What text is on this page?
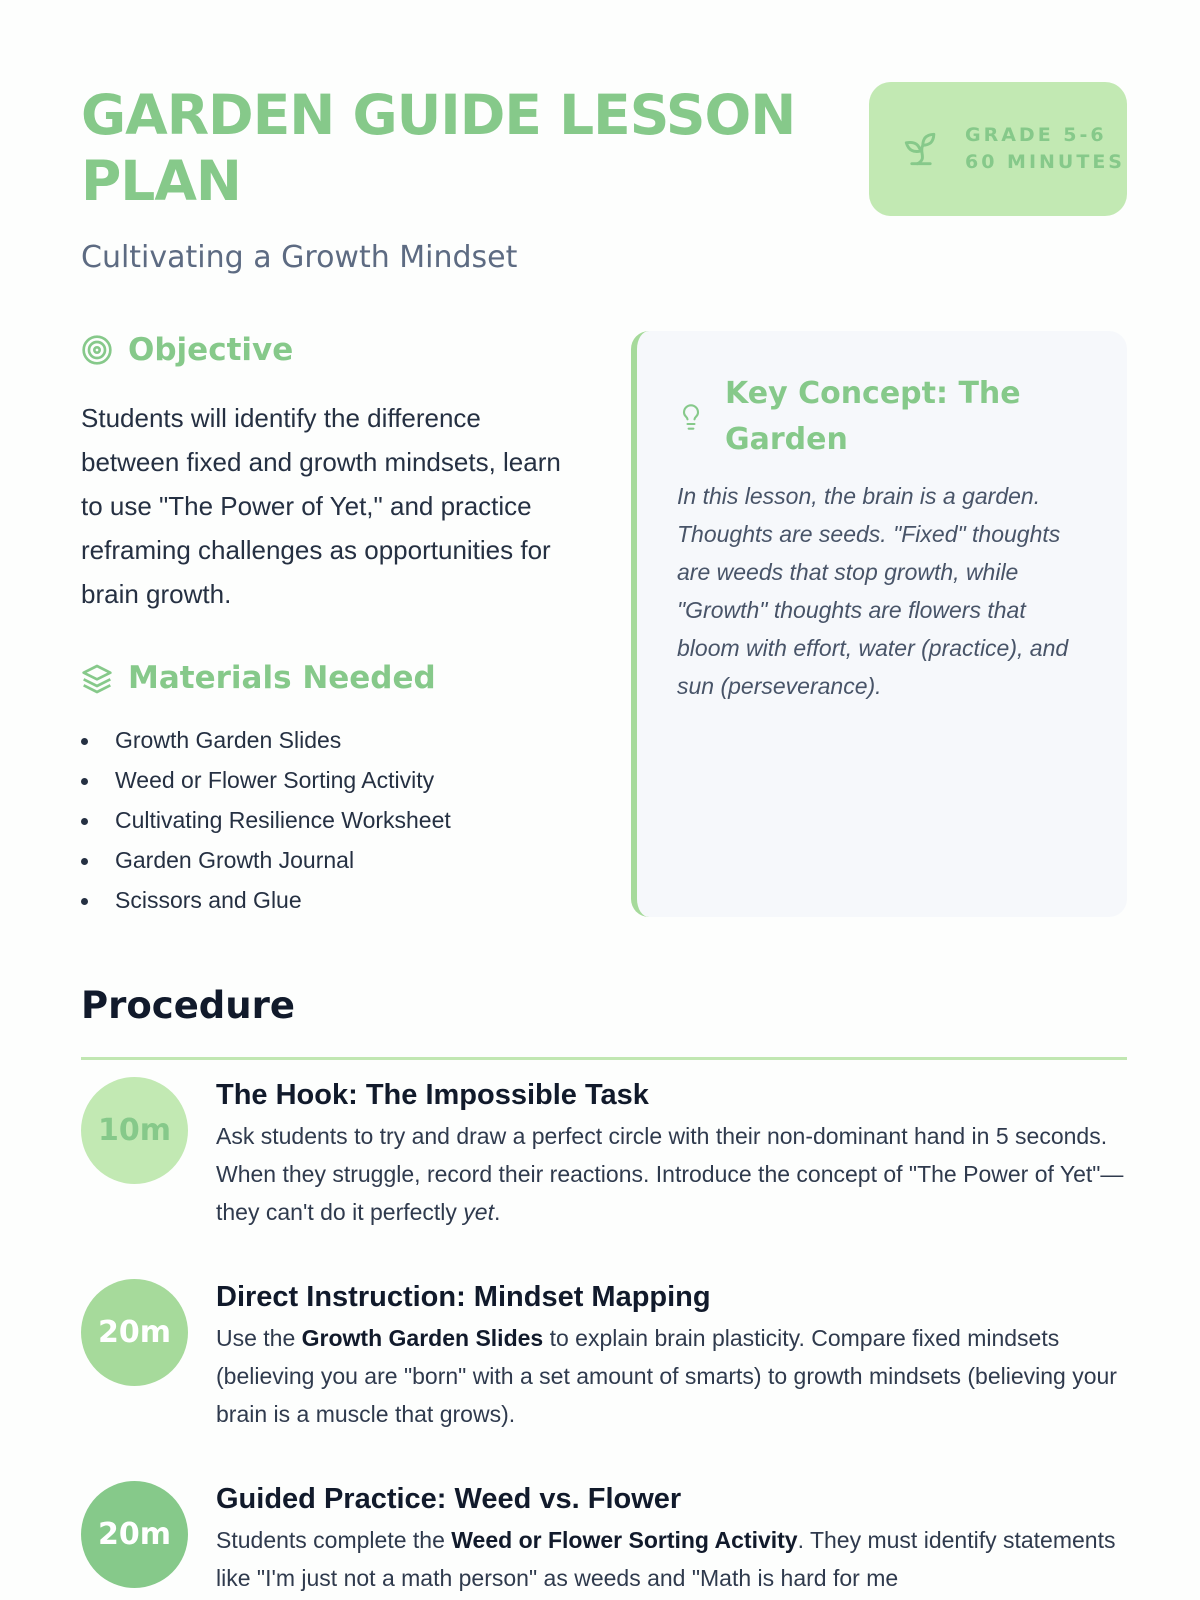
GARDEN GUIDE LESSON PLAN
Cultivating a Growth Mindset
GRADE 5-6
60 MINUTES
Objective

Students will identify the difference between fixed and growth mindsets, learn to use "The Power of Yet," and practice reframing challenges as opportunities for brain growth.

Materials Needed
Growth Garden Slides
Weed or Flower Sorting Activity
Cultivating Resilience Worksheet
Garden Growth Journal
Scissors and Glue
Key Concept: The Garden

In this lesson, the brain is a garden. Thoughts are seeds. "Fixed" thoughts are weeds that stop growth, while "Growth" thoughts are flowers that bloom with effort, water (practice), and sun (perseverance).

Procedure
10m
The Hook: The Impossible Task

Ask students to try and draw a perfect circle with their non-dominant hand in 5 seconds. When they struggle, record their reactions. Introduce the concept of "The Power of Yet"—they can't do it perfectly yet.

20m
Direct Instruction: Mindset Mapping

Use the Growth Garden Slides to explain brain plasticity. Compare fixed mindsets (believing you are "born" with a set amount of smarts) to growth mindsets (believing your brain is a muscle that grows).

20m
Guided Practice: Weed vs. Flower

Students complete the Weed or Flower Sorting Activity. They must identify statements like "I'm just not a math person" as weeds and "Math is hard for me
